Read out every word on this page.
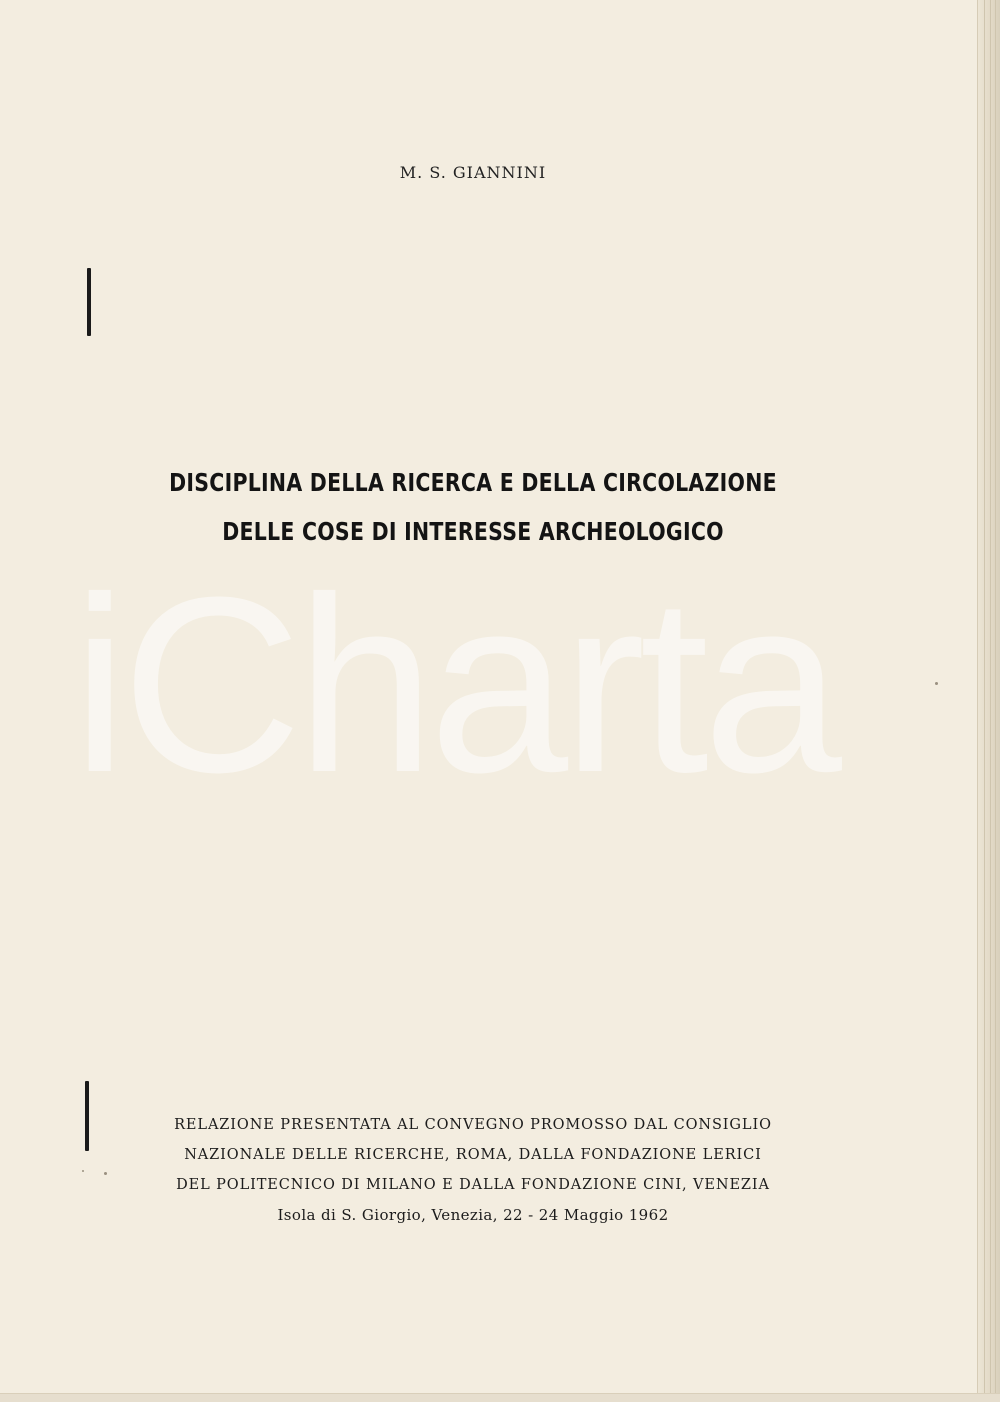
iCharta
M. S. GIANNINI
DISCIPLINA DELLA RICERCA E DELLA CIRCOLAZIONE
DELLE COSE DI INTERESSE ARCHEOLOGICO
RELAZIONE PRESENTATA AL CONVEGNO PROMOSSO DAL CONSIGLIO
NAZIONALE DELLE RICERCHE, ROMA, DALLA FONDAZIONE LERICI
DEL POLITECNICO DI MILANO E DALLA FONDAZIONE CINI, VENEZIA
Isola di S. Giorgio, Venezia, 22 - 24 Maggio 1962
